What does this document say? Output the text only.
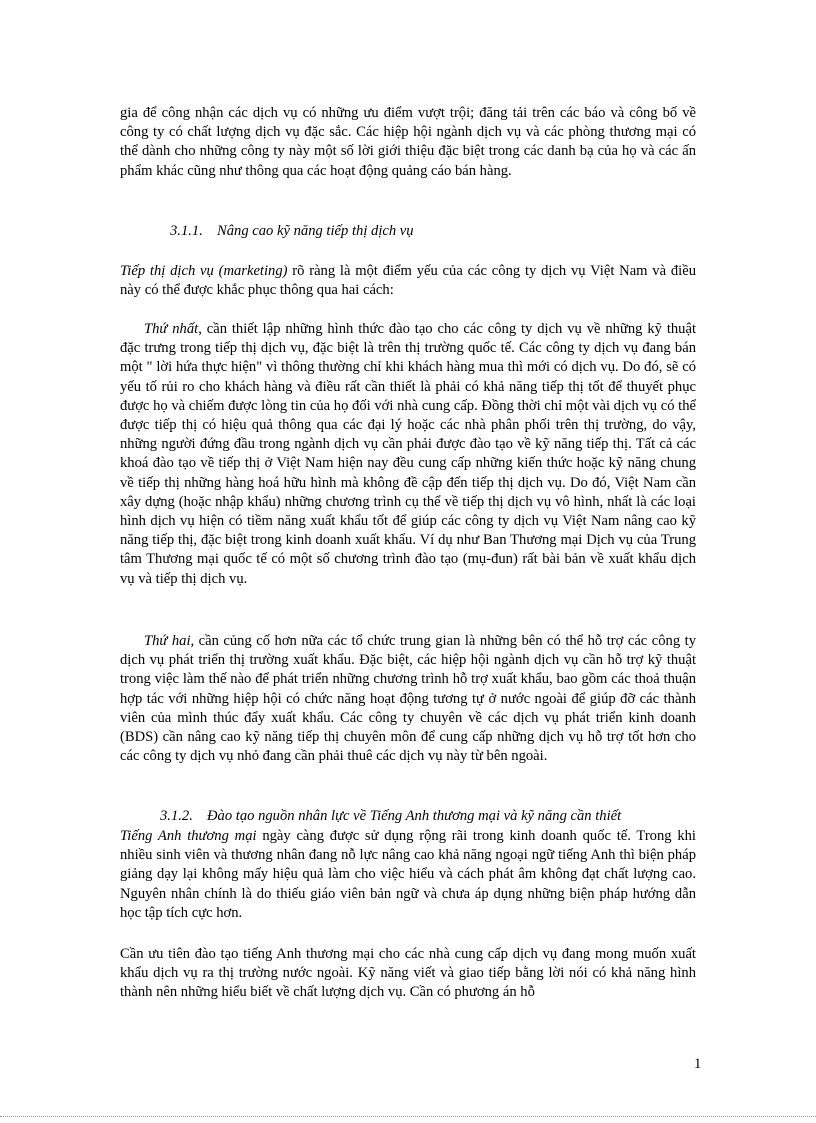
gia để công nhận các dịch vụ có những ưu điểm vượt trội; đăng tải trên các báo và công bố về công ty có chất lượng dịch vụ đặc sắc. Các hiệp hội ngành dịch vụ và các phòng thương mại có thể dành cho những công ty này một số lời giới thiệu đặc biệt trong các danh bạ của họ và các ấn phẩm khác cũng như thông qua các hoạt động quảng cáo bán hàng.

3.1.1. Nâng cao kỹ năng tiếp thị dịch vụ

Tiếp thị dịch vụ (marketing) rõ ràng là một điểm yếu của các công ty dịch vụ Việt Nam và điều này có thể được khắc phục thông qua hai cách:

Thứ nhất, cần thiết lập những hình thức đào tạo cho các công ty dịch vụ về những kỹ thuật đặc trưng trong tiếp thị dịch vụ, đặc biệt là trên thị trường quốc tế. Các công ty dịch vụ đang bán một " lời hứa thực hiện" vì thông thường chỉ khi khách hàng mua thì mới có dịch vụ. Do đó, sẽ có yếu tố rủi ro cho khách hàng và điều rất cần thiết là phải có khả năng tiếp thị tốt để thuyết phục được họ và chiếm được lòng tin của họ đối với nhà cung cấp. Đồng thời chỉ một vài dịch vụ có thể được tiếp thị có hiệu quả thông qua các đại lý hoặc các nhà phân phối trên thị trường, do vậy, những người đứng đầu trong ngành dịch vụ cần phải được đào tạo về kỹ năng tiếp thị. Tất cả các khoá đào tạo về tiếp thị ở Việt Nam hiện nay đều cung cấp những kiến thức hoặc kỹ năng chung về tiếp thị những hàng hoá hữu hình mà không đề cập đến tiếp thị dịch vụ. Do đó, Việt Nam cần xây dựng (hoặc nhập khẩu) những chương trình cụ thể về tiếp thị dịch vụ vô hình, nhất là các loại hình dịch vụ hiện có tiềm năng xuất khẩu tốt để giúp các công ty dịch vụ Việt Nam nâng cao kỹ năng tiếp thị, đặc biệt trong kinh doanh xuất khẩu. Ví dụ như Ban Thương mại Dịch vụ của Trung tâm Thương mại quốc tế có một số chương trình đào tạo (mụ-đun) rất bài bản về xuất khẩu dịch vụ và tiếp thị dịch vụ.

Thứ hai, cần củng cố hơn nữa các tổ chức trung gian là những bên có thể hỗ trợ các công ty dịch vụ phát triển thị trường xuất khẩu. Đặc biệt, các hiệp hội ngành dịch vụ cần hỗ trợ kỹ thuật trong việc làm thế nào để phát triển những chương trình hỗ trợ xuất khẩu, bao gồm các thoả thuận hợp tác với những hiệp hội có chức năng hoạt động tương tự ở nước ngoài để giúp đỡ các thành viên của mình thúc đẩy xuất khẩu. Các công ty chuyên về các dịch vụ phát triển kinh doanh (BDS) cần nâng cao kỹ năng tiếp thị chuyên môn để cung cấp những dịch vụ hỗ trợ tốt hơn cho các công ty dịch vụ nhỏ đang cần phải thuê các dịch vụ này từ bên ngoài.

3.1.2. Đào tạo nguồn nhân lực về Tiếng Anh thương mại và kỹ năng cần thiết

Tiếng Anh thương mại ngày càng được sử dụng rộng rãi trong kinh doanh quốc tế. Trong khi nhiều sinh viên và thương nhân đang nỗ lực nâng cao khả năng ngoại ngữ tiếng Anh thì biện pháp giảng dạy lại không mấy hiệu quả làm cho việc hiểu và cách phát âm không đạt chất lượng cao. Nguyên nhân chính là do thiếu giáo viên bản ngữ và chưa áp dụng những biện pháp hướng dẫn học tập tích cực hơn.

Cần ưu tiên đào tạo tiếng Anh thương mại cho các nhà cung cấp dịch vụ đang mong muốn xuất khẩu dịch vụ ra thị trường nước ngoài. Kỹ năng viết và giao tiếp bằng lời nói có khả năng hình thành nên những hiểu biết về chất lượng dịch vụ. Cần có phương án hỗ

1
